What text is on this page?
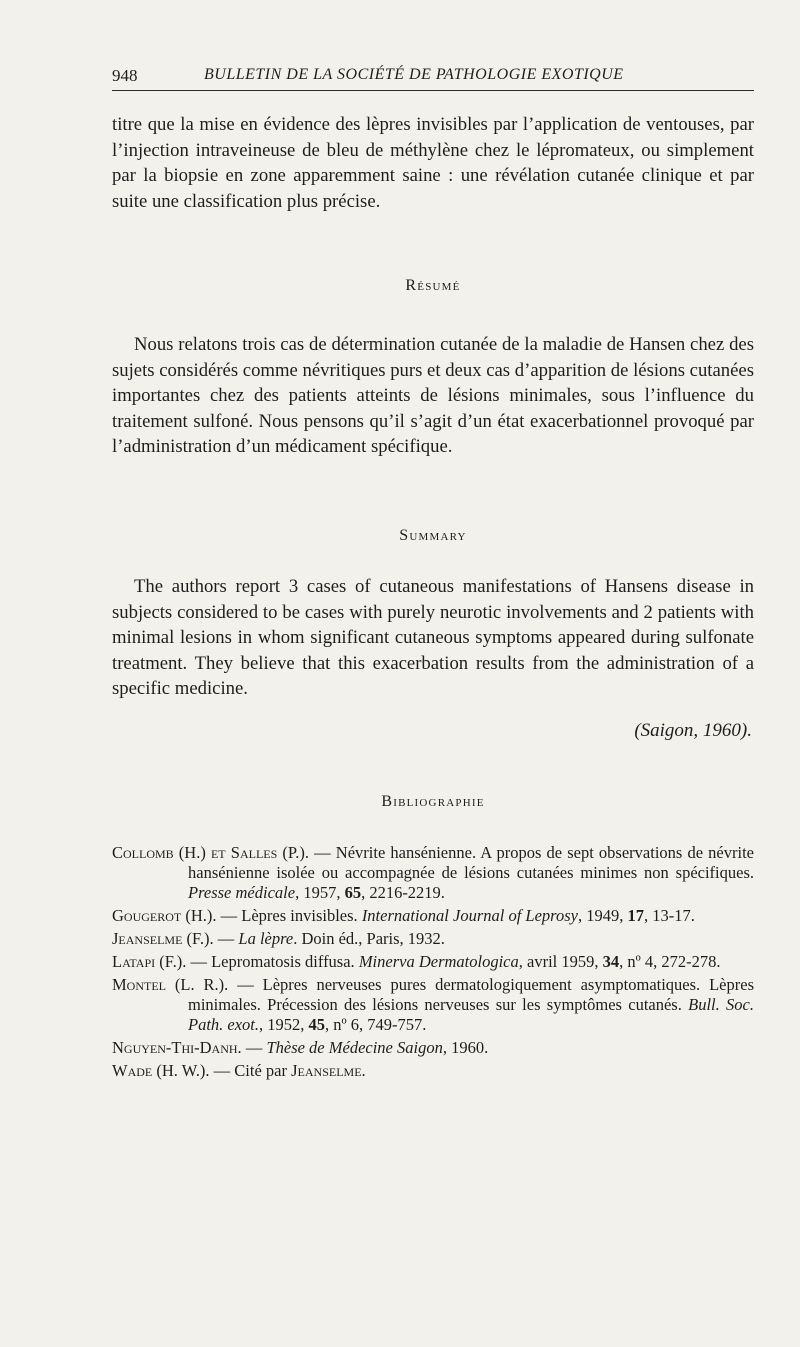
948	BULLETIN DE LA SOCIÉTÉ DE PATHOLOGIE EXOTIQUE

titre que la mise en évidence des lèpres invisibles par l’application de ventouses, par l’injection intraveineuse de bleu de méthylène chez le lépromateux, ou simplement par la biopsie en zone apparemment saine : une révélation cutanée clinique et par suite une classification plus précise.

Résumé

Nous relatons trois cas de détermination cutanée de la maladie de Hansen chez des sujets considérés comme névritiques purs et deux cas d’apparition de lésions cutanées importantes chez des patients atteints de lésions minimales, sous l’influence du traitement sulfoné. Nous pensons qu’il s’agit d’un état exacerbationnel provoqué par l’administration d’un médicament spécifique.

Summary

The authors report 3 cases of cutaneous manifestations of Hansens disease in subjects considered to be cases with purely neurotic involvements and 2 patients with minimal lesions in whom significant cutaneous symptoms appeared during sulfonate treatment. They believe that this exacerbation results from the administration of a specific medicine.

(Saigon, 1960).
Bibliographie
Collomb (H.) et Salles (P.). — Névrite hansénienne. A propos de sept observations de névrite hansénienne isolée ou accompagnée de lésions cutanées minimes non spécifiques. Presse médicale, 1957, 65, 2216-2219.
Gougerot (H.). — Lèpres invisibles. International Journal of Leprosy, 1949, 17, 13-17.
Jeanselme (F.). — La lèpre. Doin éd., Paris, 1932.
Latapi (F.). — Lepromatosis diffusa. Minerva Dermatologica, avril 1959, 34, nº 4, 272-278.
Montel (L. R.). — Lèpres nerveuses pures dermatologiquement asymptomatiques. Lèpres minimales. Précession des lésions nerveuses sur les symptômes cutanés. Bull. Soc. Path. exot., 1952, 45, nº 6, 749-757.
Nguyen-Thi-Danh. — Thèse de Médecine Saigon, 1960.
Wade (H. W.). — Cité par Jeanselme.
